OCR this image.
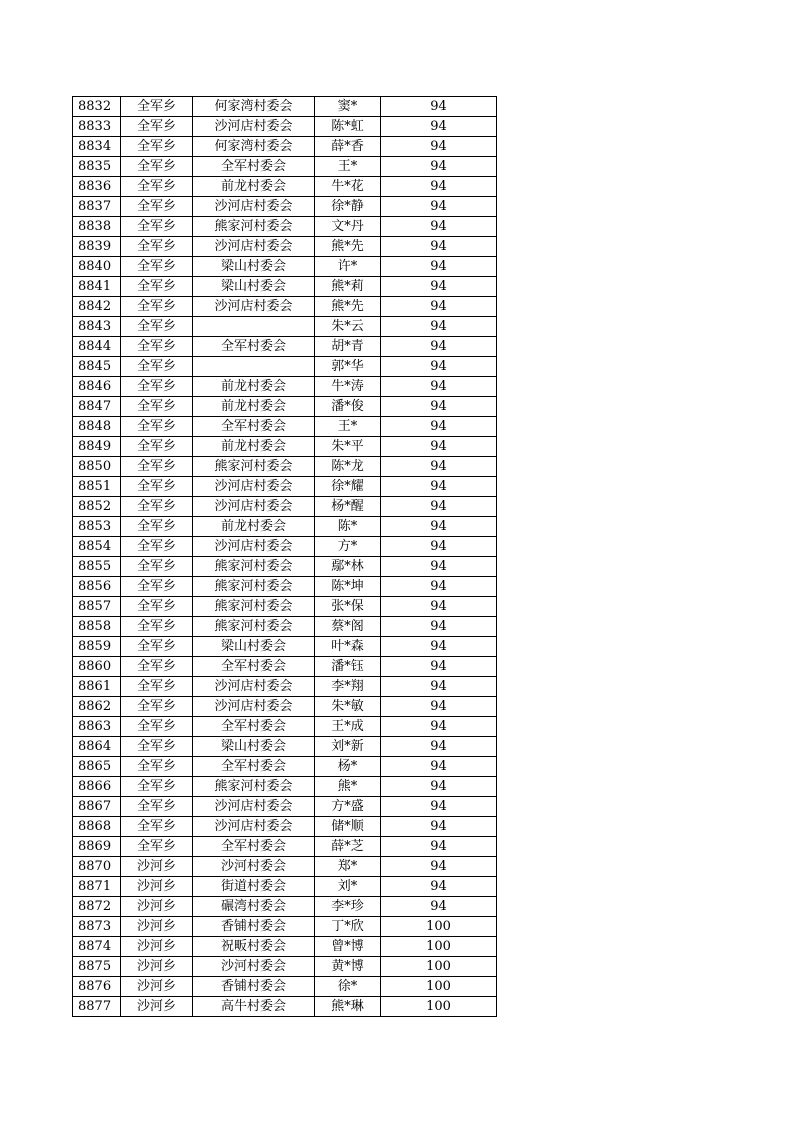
8832	全军乡	何家湾村委会	窦*	94
8833	全军乡	沙河店村委会	陈*虹	94
8834	全军乡	何家湾村委会	薛*香	94
8835	全军乡	全军村委会	王*	94
8836	全军乡	前龙村委会	牛*花	94
8837	全军乡	沙河店村委会	徐*静	94
8838	全军乡	熊家河村委会	文*丹	94
8839	全军乡	沙河店村委会	熊*先	94
8840	全军乡	梁山村委会	许*	94
8841	全军乡	梁山村委会	熊*莉	94
8842	全军乡	沙河店村委会	熊*先	94
8843	全军乡		朱*云	94
8844	全军乡	全军村委会	胡*青	94
8845	全军乡		郭*华	94
8846	全军乡	前龙村委会	牛*涛	94
8847	全军乡	前龙村委会	潘*俊	94
8848	全军乡	全军村委会	王*	94
8849	全军乡	前龙村委会	朱*平	94
8850	全军乡	熊家河村委会	陈*龙	94
8851	全军乡	沙河店村委会	徐*耀	94
8852	全军乡	沙河店村委会	杨*醒	94
8853	全军乡	前龙村委会	陈*	94
8854	全军乡	沙河店村委会	方*	94
8855	全军乡	熊家河村委会	鄢*林	94
8856	全军乡	熊家河村委会	陈*坤	94
8857	全军乡	熊家河村委会	张*保	94
8858	全军乡	熊家河村委会	蔡*阁	94
8859	全军乡	梁山村委会	叶*森	94
8860	全军乡	全军村委会	潘*钰	94
8861	全军乡	沙河店村委会	李*翔	94
8862	全军乡	沙河店村委会	朱*敏	94
8863	全军乡	全军村委会	王*成	94
8864	全军乡	梁山村委会	刘*新	94
8865	全军乡	全军村委会	杨*	94
8866	全军乡	熊家河村委会	熊*	94
8867	全军乡	沙河店村委会	方*盛	94
8868	全军乡	沙河店村委会	储*顺	94
8869	全军乡	全军村委会	薛*芝	94
8870	沙河乡	沙河村委会	郑*	94
8871	沙河乡	街道村委会	刘*	94
8872	沙河乡	碾湾村委会	李*珍	94
8873	沙河乡	香铺村委会	丁*欣	100
8874	沙河乡	祝畈村委会	曾*博	100
8875	沙河乡	沙河村委会	黄*博	100
8876	沙河乡	香铺村委会	徐*	100
8877	沙河乡	高牛村委会	熊*琳	100
